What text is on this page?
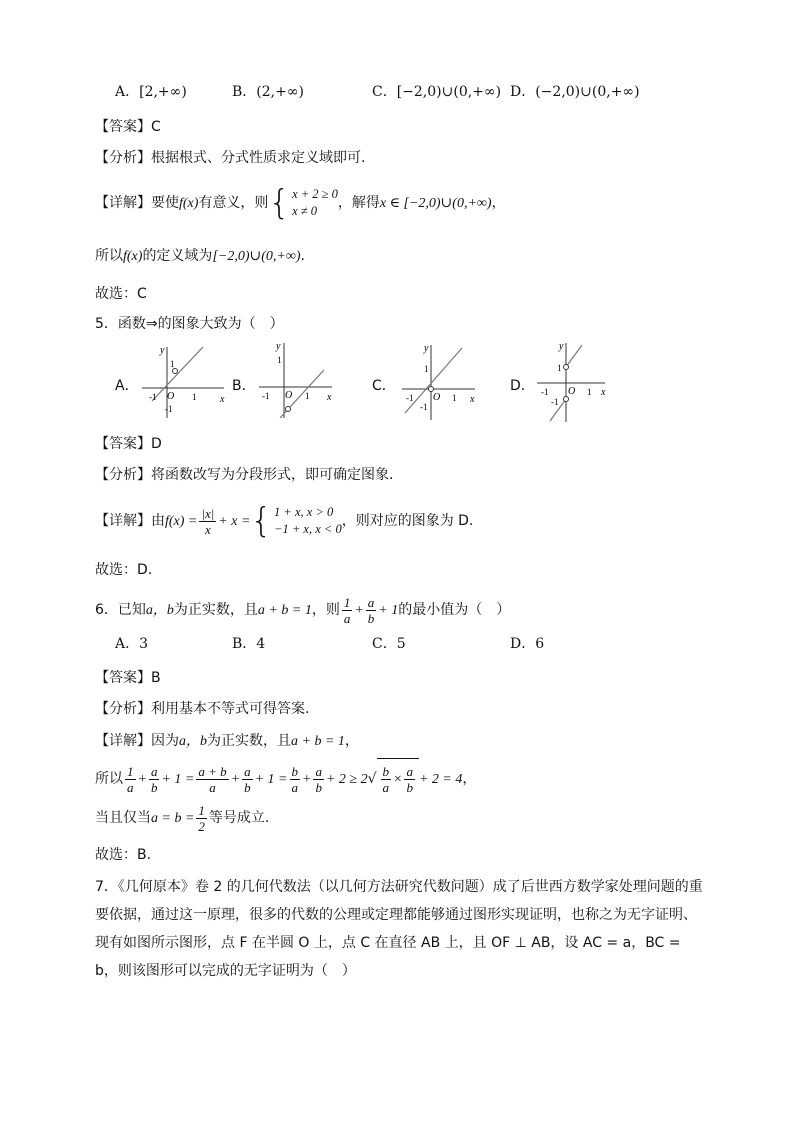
A．[2,+∞)	B．(2,+∞)	C．[−2,0)∪(0,+∞) D．(−2,0)∪(0,+∞)
【答案】C
【分析】根据根式、分式性质求定义域即可.
【详解】要使f(x)有意义，则{ x + 2 ≥ 0
x ≠ 0	，解得x ∈ [−2,0)∪(0,+∞)，
所以f(x)的定义域为[−2,0)∪(0,+∞).
故选：C
5．函数⇒的图象大致为（　）
A．	B．	C．	D．
x
y
O
1
1
-1
-1
x
y
O
1
1
-1	x
y
O
1
1
-1
-1
x
y
O
1
1
-1
-1
【答案】D
【分析】将函数改写为分段形式，即可确定图象.
【详解】由$f(x) = \frac{|x|}{x} + x$ ={ 1 + x, x > 0
−1 + x, x < 0 ，则对应的图象为 D.
故选：D.
6．已知a，b为正实数，且a + b = 1，则 $\frac{1}{a} + \frac{a}{b} + 1$的最小值为（　）
A．3	B．4	C．5	D．6
【答案】B
【分析】利用基本不等式可得答案.
【详解】因为a，b为正实数，且a + b = 1，
所以 $\frac{1}{a} + \frac{a}{b} + 1 = \frac{a + b}{a} + \frac{a}{b} + 1 = \frac{b}{a} + \frac{a}{b} + 2 \ge 2√ \frac{b}{a} \times \frac{a}{b} + 2 = 4$，
当且仅当$a = b = \frac{1}{2}$ 等号成立.
故选：B.
7．《几何原本》卷 2 的几何代数法（以几何方法研究代数问题）成了后世西方数学家处理问题的重要依据，通过这一原理，很多的代数的公理或定理都能够通过图形实现证明，也称之为无字证明、现有如图所示图形，点 F 在半圆 O 上，点 C 在直径 AB 上，且 OF ⊥ AB，设 AC = a，BC = b，则该图形可以完成的无字证明为（　）
